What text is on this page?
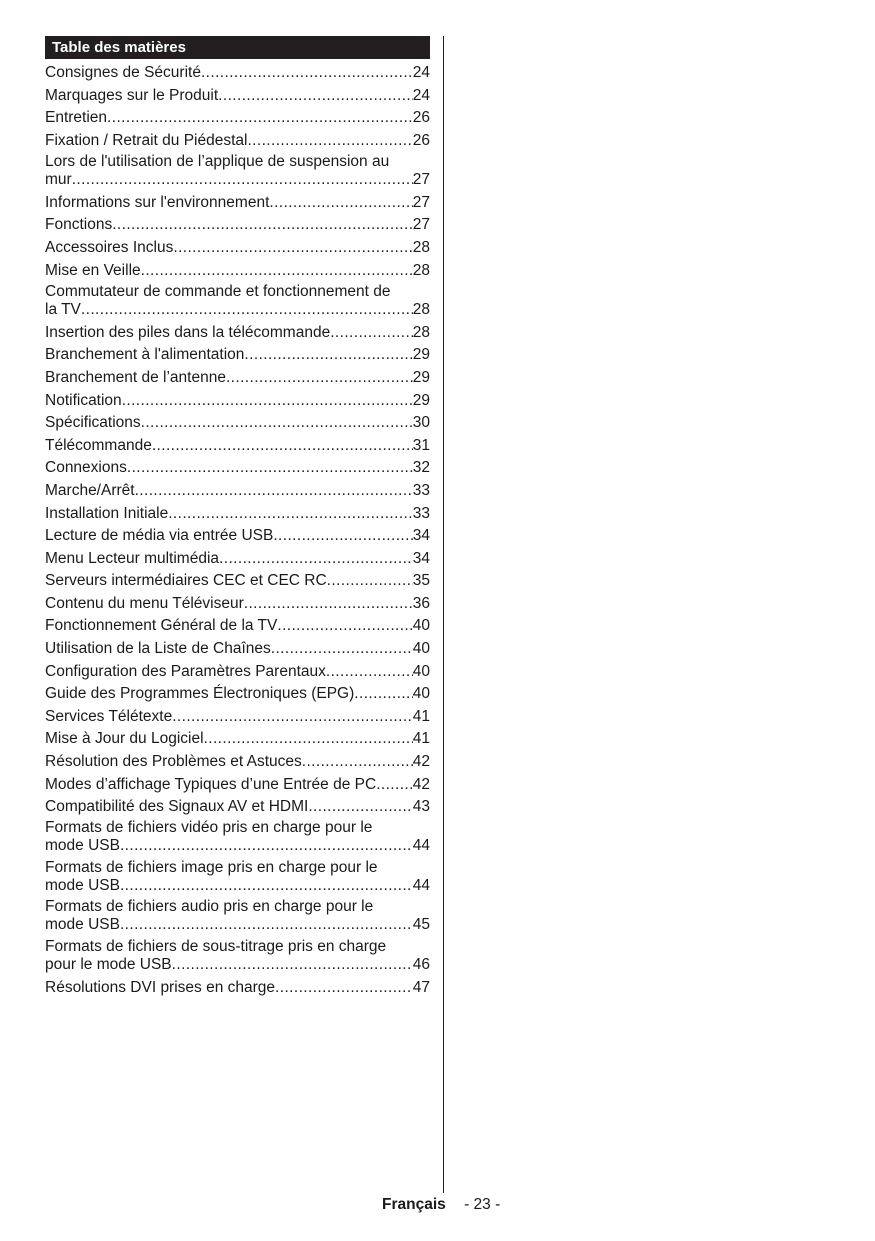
Table des matières
Consignes de Sécurité .....	24
Marquages sur le Produit .....	24
Entretien .....	26
Fixation / Retrait du Piédestal .....	26
Lors de l'utilisation de l’applique de suspension au
mur .....	27
Informations sur l'environnement .....	27
Fonctions .....	27
Accessoires Inclus .....	28
Mise en Veille .....	28
Commutateur de commande et fonctionnement de
la TV .....	28
Insertion des piles dans la télécommande .....	28
Branchement à l'alimentation .....	29
Branchement de l’antenne .....	29
Notification .....	29
Spécifications .....	30
Télécommande .....	31
Connexions .....	32
Marche/Arrêt .....	33
Installation Initiale .....	33
Lecture de média via entrée USB .....	34
Menu Lecteur multimédia .....	34
Serveurs intermédiaires CEC et CEC RC .....	35
Contenu du menu Téléviseur .....	36
Fonctionnement Général de la TV .....	40
Utilisation de la Liste de Chaînes .....	40
Configuration des Paramètres Parentaux .....	40
Guide des Programmes Électroniques (EPG) .....	40
Services Télétexte .....	41
Mise à Jour du Logiciel .....	41
Résolution des Problèmes et Astuces .....	42
Modes d’affichage Typiques d’une Entrée de PC ..... 42
Compatibilité des Signaux AV et HDMI .....	43
Formats de fichiers vidéo pris en charge pour le
mode USB .....	44
Formats de fichiers image pris en charge pour le
mode USB .....	44
Formats de fichiers audio pris en charge pour le
mode USB .....	45
Formats de fichiers de sous-titrage pris en charge
pour le mode USB .....	46
Résolutions DVI prises en charge .....	47
Français - 23 -
